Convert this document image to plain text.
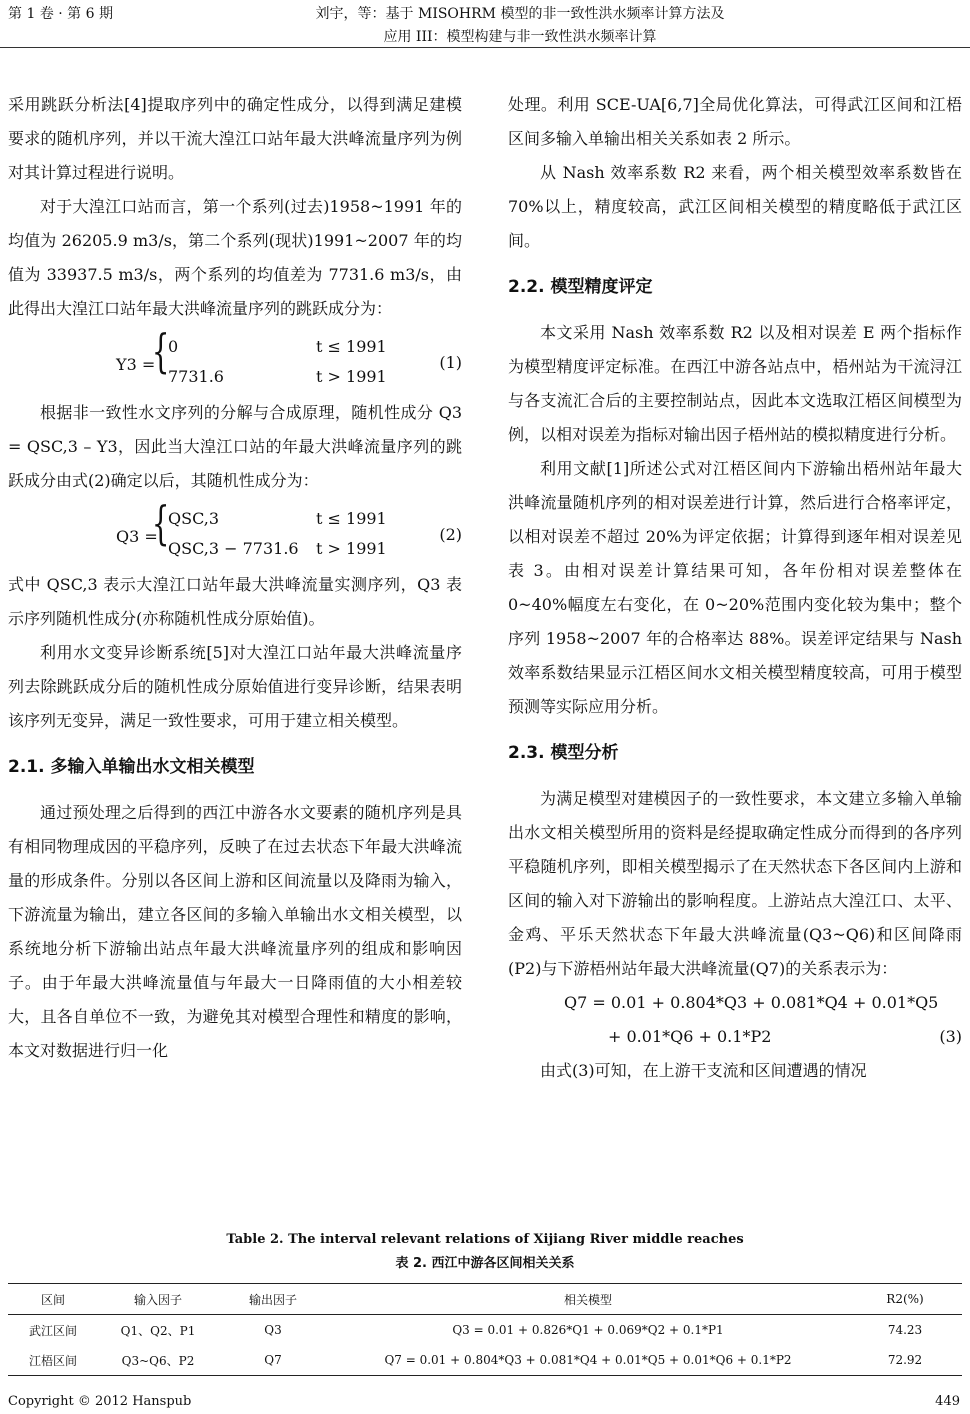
第 1 卷 · 第 6 期	刘宇，等：基于 MISOHRM 模型的非一致性洪水频率计算方法及
应用 III：模型构建与非一致性洪水频率计算

采用跳跃分析法[4]提取序列中的确定性成分，以得到满足建模要求的随机序列，并以干流大湟江口站年最大洪峰流量序列为例对其计算过程进行说明。

对于大湟江口站而言，第一个系列(过去)1958~1991 年的均值为 26205.9 m3/s，第二个系列(现状)1991~2007 年的均值为 33937.5 m3/s，两个系列的均值差为 7731.6 m3/s，由此得出大湟江口站年最大洪峰流量序列的跳跃成分为：

Y3 =
{
0	t ≤ 1991
7731.6	t > 1991
(1)

根据非一致性水文序列的分解与合成原理，随机性成分 Q3 = QSC,3 – Y3，因此当大湟江口站的年最大洪峰流量序列的跳跃成分由式(2)确定以后，其随机性成分为：

Q3 =
{
QSC,3	t ≤ 1991
QSC,3 − 7731.6 t > 1991
(2)

式中 QSC,3 表示大湟江口站年最大洪峰流量实测序列，Q3 表示序列随机性成分(亦称随机性成分原始值)。

利用水文变异诊断系统[5]对大湟江口站年最大洪峰流量序列去除跳跃成分后的随机性成分原始值进行变异诊断，结果表明该序列无变异，满足一致性要求，可用于建立相关模型。

2.1. 多输入单输出水文相关模型

通过预处理之后得到的西江中游各水文要素的随机序列是具有相同物理成因的平稳序列，反映了在过去状态下年最大洪峰流量的形成条件。分别以各区间上游和区间流量以及降雨为输入，下游流量为输出，建立各区间的多输入单输出水文相关模型，以系统地分析下游输出站点年最大洪峰流量序列的组成和影响因子。由于年最大洪峰流量值与年最大一日降雨值的大小相差较大，且各自单位不一致，为避免其对模型合理性和精度的影响，本文对数据进行归一化

处理。利用 SCE-UA[6,7]全局优化算法，可得武江区间和江梧区间多输入单输出相关关系如表 2 所示。

从 Nash 效率系数 R2 来看，两个相关模型效率系数皆在 70%以上，精度较高，武江区间相关模型的精度略低于武江区间。

2.2. 模型精度评定

本文采用 Nash 效率系数 R2 以及相对误差 E 两个指标作为模型精度评定标准。在西江中游各站点中，梧州站为干流浔江与各支流汇合后的主要控制站点，因此本文选取江梧区间模型为例，以相对误差为指标对输出因子梧州站的模拟精度进行分析。

利用文献[1]所述公式对江梧区间内下游输出梧州站年最大洪峰流量随机序列的相对误差进行计算，然后进行合格率评定，以相对误差不超过 20%为评定依据；计算得到逐年相对误差见表 3。由相对误差计算结果可知，各年份相对误差整体在 0~40%幅度左右变化，在 0~20%范围内变化较为集中；整个序列 1958~2007 年的合格率达 88%。误差评定结果与 Nash 效率系数结果显示江梧区间水文相关模型精度较高，可用于模型预测等实际应用分析。

2.3. 模型分析

为满足模型对建模因子的一致性要求，本文建立多输入单输出水文相关模型所用的资料是经提取确定性成分而得到的各序列平稳随机序列，即相关模型揭示了在天然状态下各区间内上游和区间的输入对下游输出的影响程度。上游站点大湟江口、太平、金鸡、平乐天然状态下年最大洪峰流量(Q3~Q6)和区间降雨(P2)与下游梧州站年最大洪峰流量(Q7)的关系表示为：

Q7 = 0.01 + 0.804*Q3 + 0.081*Q4 + 0.01*Q5
+ 0.01*Q6 + 0.1*P2	(3)

由式(3)可知，在上游干支流和区间遭遇的情况

Table 2. The interval relevant relations of Xijiang River middle reaches
表 2. 西江中游各区间相关关系
区间	输入因子	输出因子	相关模型	R2(%)
武江区间	Q1、Q2、P1	Q3	Q3 = 0.01 + 0.826*Q1 + 0.069*Q2 + 0.1*P1	74.23
江梧区间	Q3~Q6、P2	Q7	Q7 = 0.01 + 0.804*Q3 + 0.081*Q4 + 0.01*Q5 + 0.01*Q6 + 0.1*P2	72.92
Copyright © 2012 Hanspub	449
